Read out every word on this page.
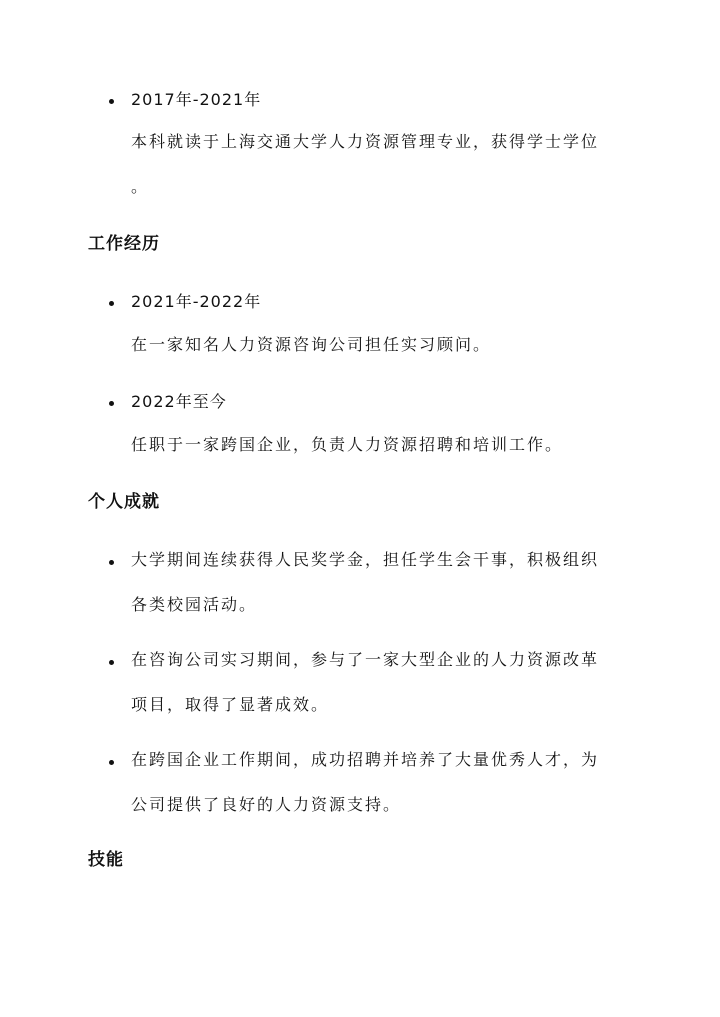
2017年-2021年
本科就读于上海交通大学人力资源管理专业，获得学士学位
。
工作经历
2021年-2022年
在一家知名人力资源咨询公司担任实习顾问。
2022年至今
任职于一家跨国企业，负责人力资源招聘和培训工作。
个人成就
大学期间连续获得人民奖学金，担任学生会干事，积极组织
各类校园活动。
在咨询公司实习期间，参与了一家大型企业的人力资源改革
项目，取得了显著成效。
在跨国企业工作期间，成功招聘并培养了大量优秀人才，为
公司提供了良好的人力资源支持。
技能
